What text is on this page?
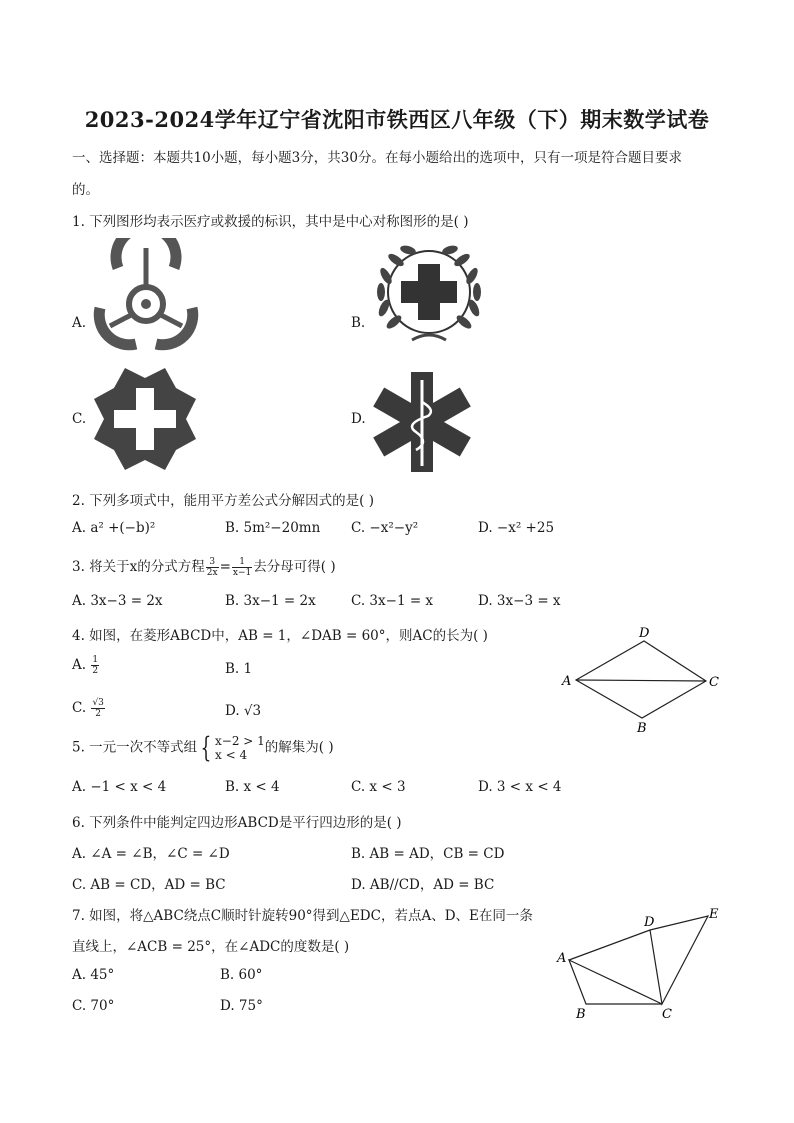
2023-2024学年辽宁省沈阳市铁西区八年级（下）期末数学试卷
一、选择题：本题共10小题，每小题3分，共30分。在每小题给出的选项中，只有一项是符合题目要求
的。
1. 下列图形均表示医疗或救援的标识，其中是中心对称图形的是( )
A.	B.
C.	D.
2. 下列多项式中，能用平方差公式分解因式的是( )
A. a² +(−b)²	B. 5m²−20mn C. −x²−y²	D. −x² +25
3. 将关于x的分式方程 $\frac{3}{2x} = \frac{1}{x-1}$ 去分母可得( )
A. 3x−3 = 2x	B. 3x−1 = 2x	C. 3x−1 = x	D. 3x−3 = x
4. 如图，在菱形ABCD中，AB = 1，∠DAB = 60°，则AC的长为( )
A. $\frac{1}{2}$	B. 1
C. $\frac{√3}{2}$	D. √3
D
A	C
B
5. 一元一次不等式组 { x−2 > 1
x < 4	的解集为( )
A. −1 < x < 4	B. x < 4	C. x < 3	D. 3 < x < 4
6. 下列条件中能判定四边形ABCD是平行四边形的是( )
A. ∠A = ∠B，∠C = ∠D	B. AB = AD，CB = CD
C. AB = CD，AD = BC	D. AB//CD，AD = BC
7. 如图，将△ABC绕点C顺时针旋转90°得到△EDC，若点A、D、E在同一条
直线上，∠ACB = 25°，在∠ADC的度数是( )
A. 45°	B. 60°
C. 70°	D. 75°
A
B	C
D
E
